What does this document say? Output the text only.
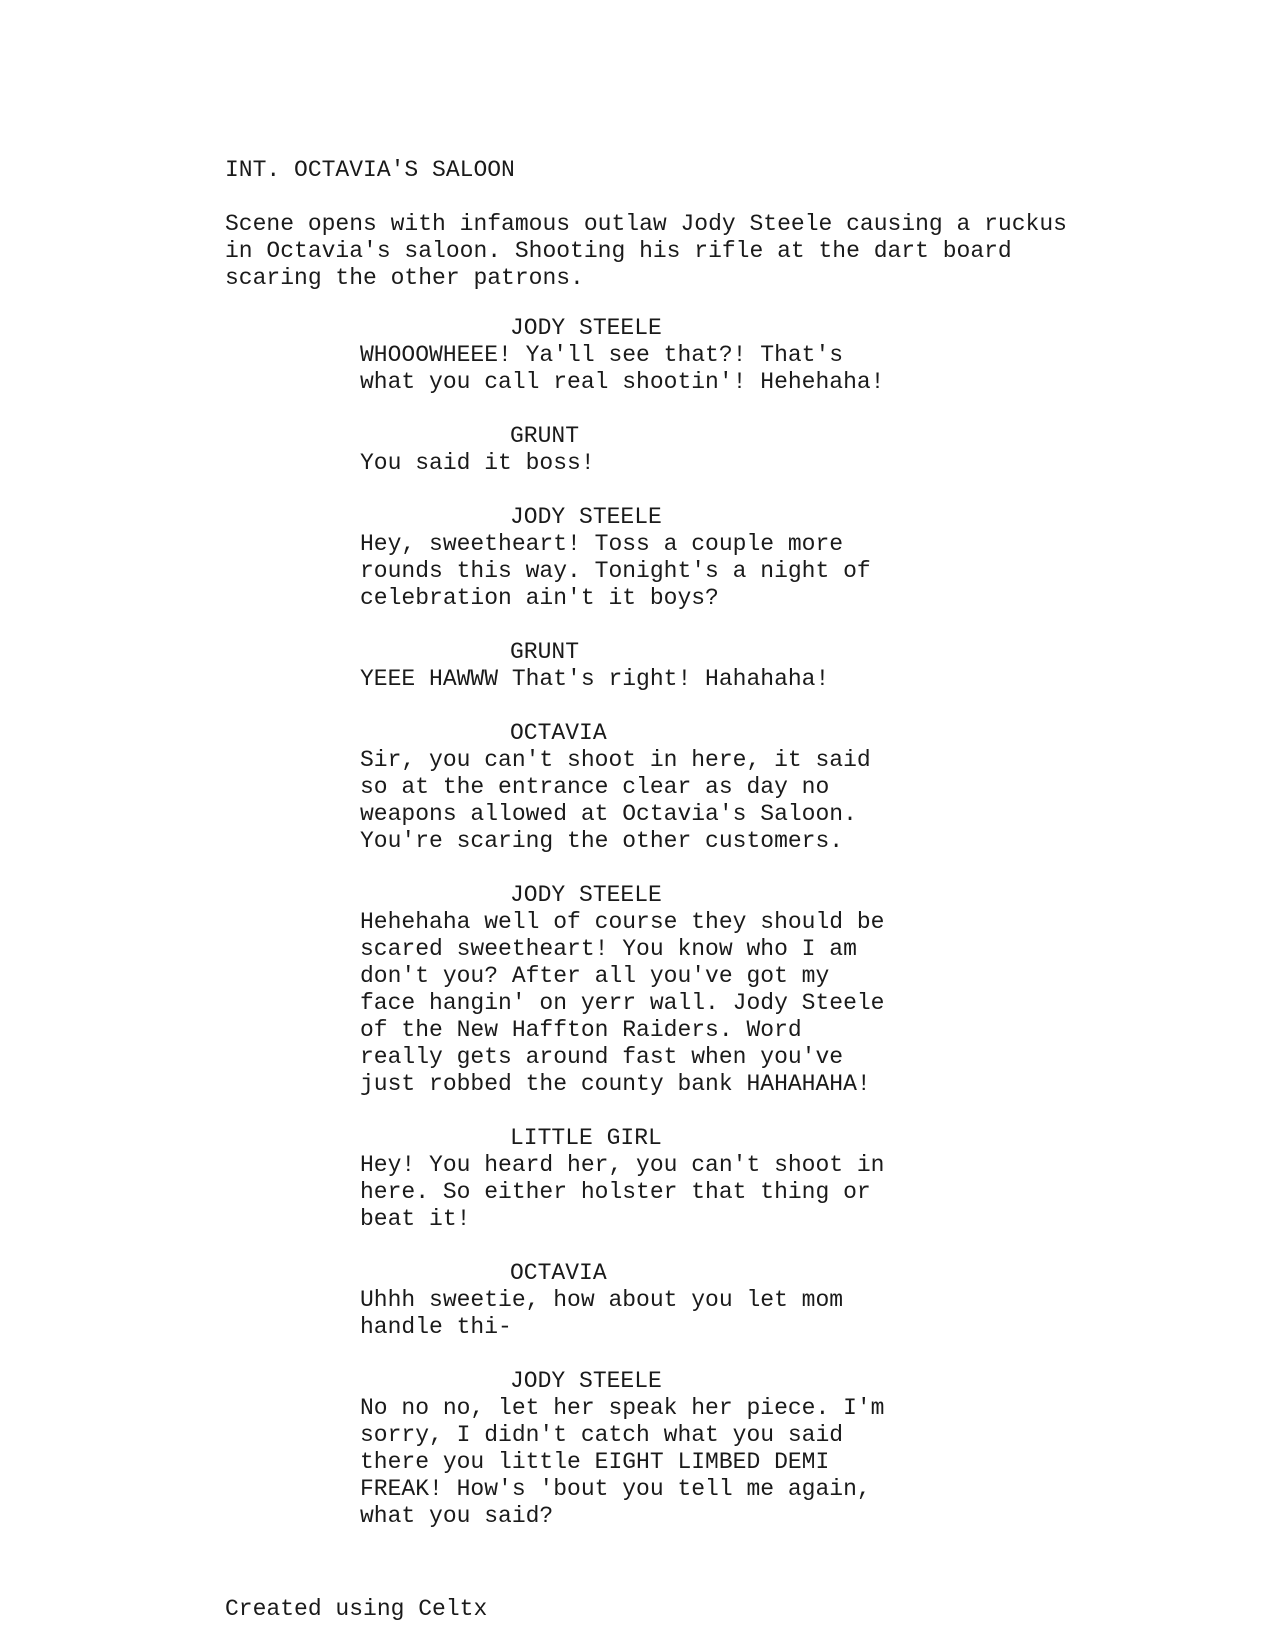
INT. OCTAVIA'S SALOON
Scene opens with infamous outlaw Jody Steele causing a ruckus
in Octavia's saloon. Shooting his rifle at the dart board
scaring the other patrons.
JODY STEELE
WHOOOWHEEE! Ya'll see that?! That's
what you call real shootin'! Hehehaha!
GRUNT
You said it boss!
JODY STEELE
Hey, sweetheart! Toss a couple more
rounds this way. Tonight's a night of
celebration ain't it boys?
GRUNT
YEEE HAWWW That's right! Hahahaha!
OCTAVIA
Sir, you can't shoot in here, it said
so at the entrance clear as day no
weapons allowed at Octavia's Saloon.
You're scaring the other customers.
JODY STEELE
Hehehaha well of course they should be
scared sweetheart! You know who I am
don't you? After all you've got my
face hangin' on yerr wall. Jody Steele
of the New Haffton Raiders. Word
really gets around fast when you've
just robbed the county bank HAHAHAHA!
LITTLE GIRL
Hey! You heard her, you can't shoot in
here. So either holster that thing or
beat it!
OCTAVIA
Uhhh sweetie, how about you let mom
handle thi-
JODY STEELE
No no no, let her speak her piece. I'm
sorry, I didn't catch what you said
there you little EIGHT LIMBED DEMI
FREAK! How's 'bout you tell me again,
what you said?
Created using Celtx
